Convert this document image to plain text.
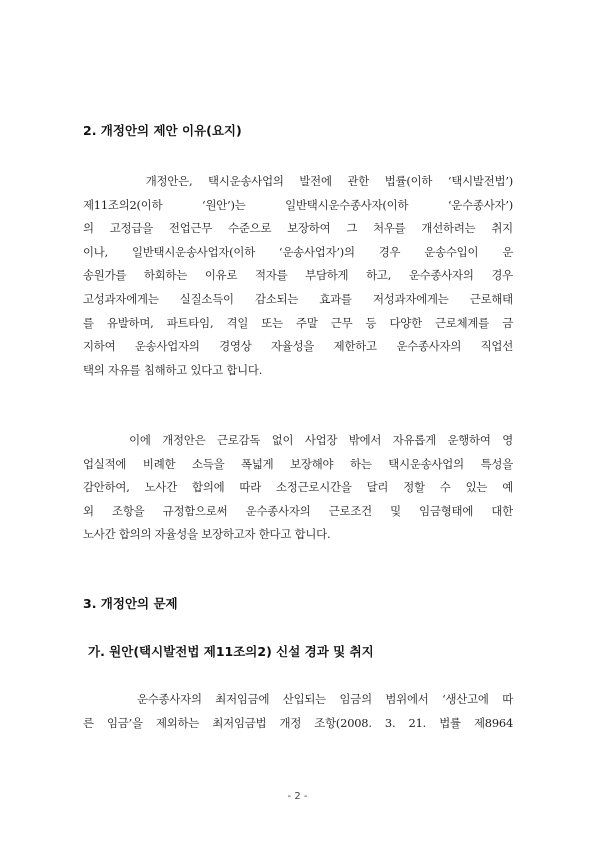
2. 개정안의 제안 이유(요지)
개정안은, 택시운송사업의 발전에 관한 법률(이하 ‘택시발전법’)
제11조의2(이하 ‘원안’)는 일반택시운수종사자(이하 ‘운수종사자’)
의 고정급을 전업근무 수준으로 보장하여 그 처우를 개선하려는 취지
이나, 일반택시운송사업자(이하 ‘운송사업자’)의 경우 운송수입이 운
송원가를 하회하는 이유로 적자를 부담하게 하고, 운수종사자의 경우
고성과자에게는 실질소득이 감소되는 효과를 저성과자에게는 근로해태
를 유발하며, 파트타임, 격일 또는 주말 근무 등 다양한 근로체계를 금
지하여 운송사업자의 경영상 자율성을 제한하고 운수종사자의 직업선
택의 자유를 침해하고 있다고 합니다.
이에 개정안은 근로감독 없이 사업장 밖에서 자유롭게 운행하여 영
업실적에 비례한 소득을 폭넓게 보장해야 하는 택시운송사업의 특성을
감안하여, 노사간 합의에 따라 소정근로시간을 달리 정할 수 있는 예
외 조항을 규정함으로써 운수종사자의 근로조건 및 임금형태에 대한
노사간 합의의 자율성을 보장하고자 한다고 합니다.
3. 개정안의 문제
가. 원안(택시발전법 제11조의2) 신설 경과 및 취지
운수종사자의 최저임금에 산입되는 임금의 범위에서 ‘생산고에 따
른 임금’을 제외하는 최저임금법 개정 조항(2008. 3. 21. 법률 제8964
- 2 -
